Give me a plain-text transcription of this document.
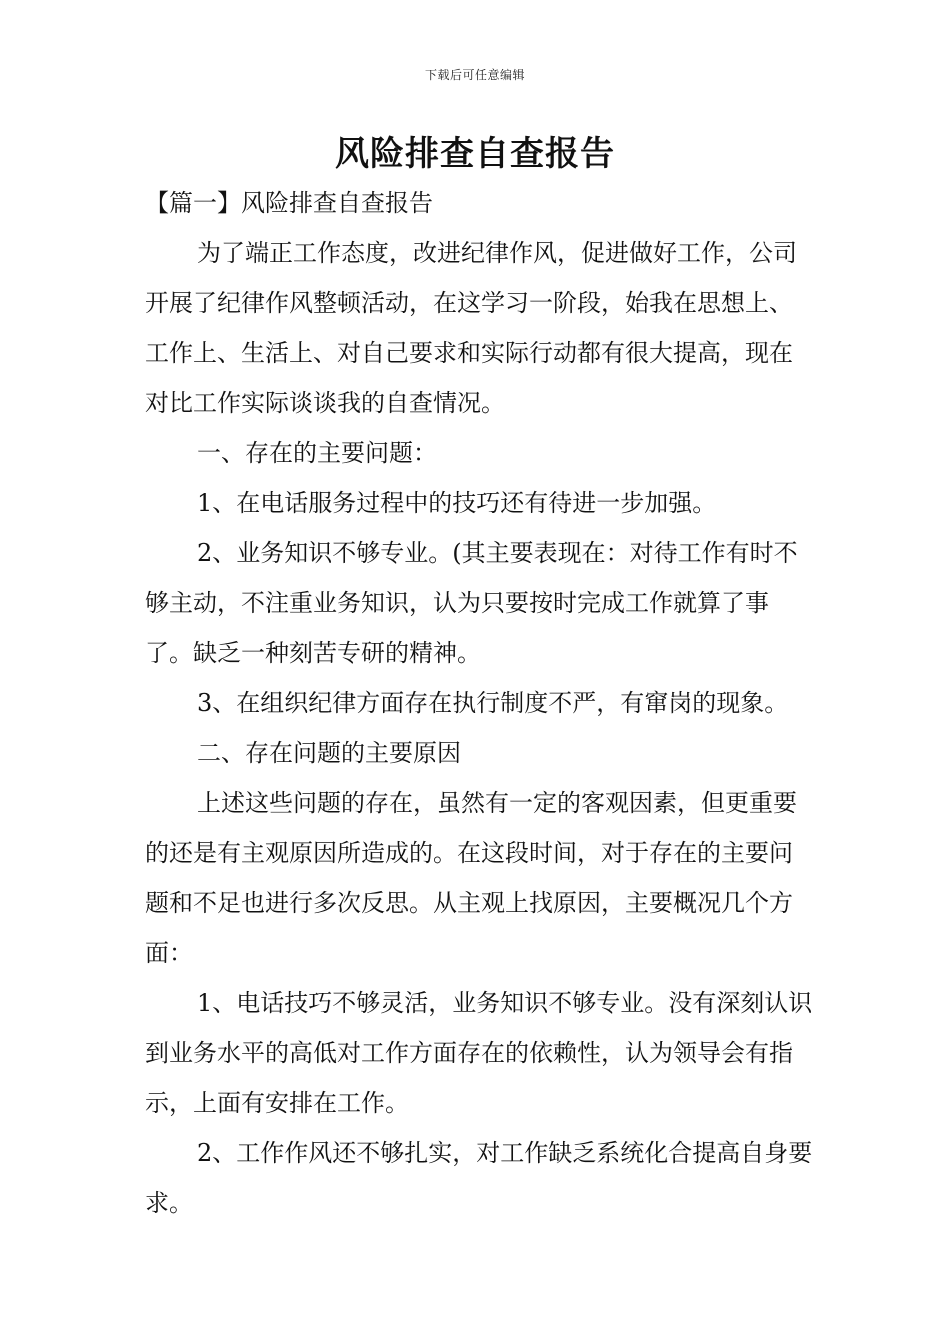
下载后可任意编辑
风险排查自查报告

【篇一】风险排查自查报告

为了端正工作态度，改进纪律作风，促进做好工作，公司开展了纪律作风整顿活动，在这学习一阶段，始我在思想上、工作上、生活上、对自己要求和实际行动都有很大提高，现在对比工作实际谈谈我的自查情况。

一、存在的主要问题：

1、在电话服务过程中的技巧还有待进一步加强。

2、业务知识不够专业。(其主要表现在：对待工作有时不够主动，不注重业务知识，认为只要按时完成工作就算了事了。缺乏一种刻苦专研的精神。

3、在组织纪律方面存在执行制度不严，有窜岗的现象。

二、存在问题的主要原因

上述这些问题的存在，虽然有一定的客观因素，但更重要的还是有主观原因所造成的。在这段时间，对于存在的主要问题和不足也进行多次反思。从主观上找原因，主要概况几个方面：

1、电话技巧不够灵活，业务知识不够专业。没有深刻认识到业务水平的高低对工作方面存在的依赖性，认为领导会有指示，上面有安排在工作。

2、工作作风还不够扎实，对工作缺乏系统化合提高自身要求。
